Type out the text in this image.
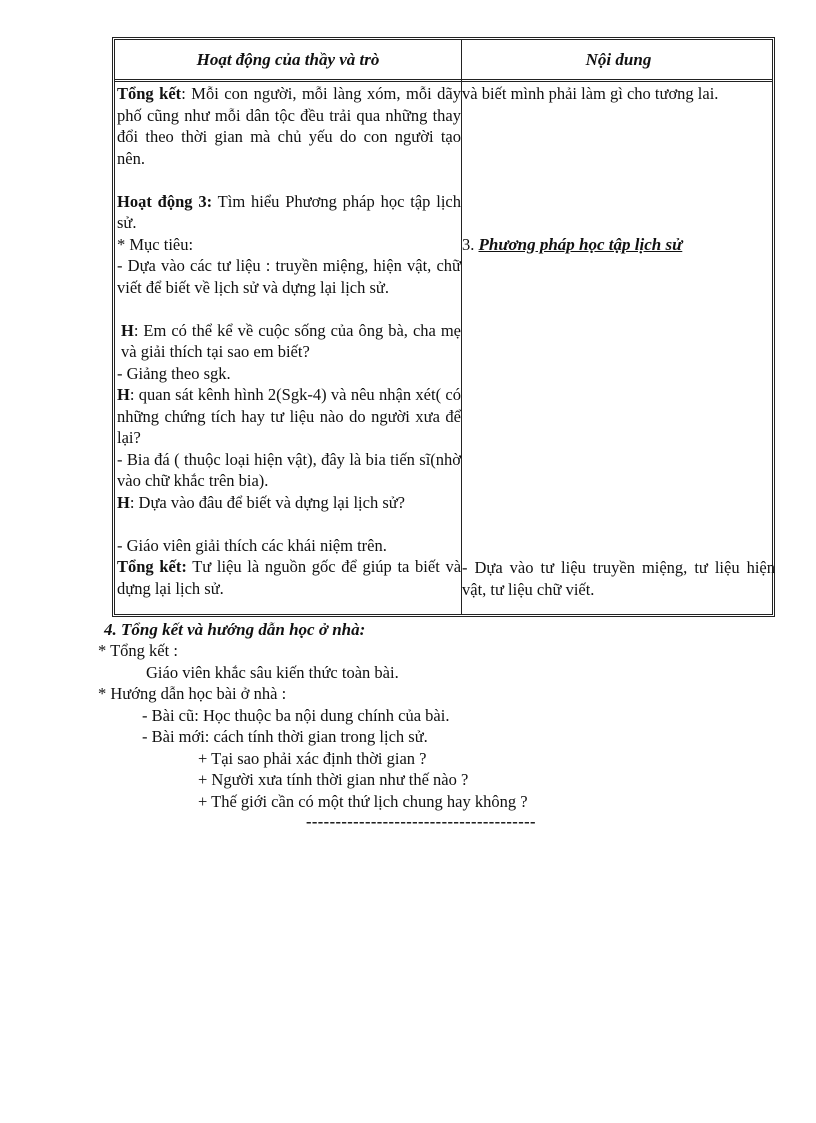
Hoạt động của thầy và trò	Nội dung

Tổng kết: Mỗi con người, mỗi làng xóm, mỗi dãy phố cũng như mỗi dân tộc đều trải qua những thay đổi theo thời gian mà chủ yếu do con người tạo nên.

Hoạt động 3: Tìm hiểu Phương pháp học tập lịch sử.

* Mục tiêu:

- Dựa vào các tư liệu : truyền miệng, hiện vật, chữ viết để biết về lịch sử và dựng lại lịch sử.

H: Em có thể kể về cuộc sống của ông bà, cha mẹ và giải thích tại sao em biết?

- Giảng theo sgk.

H: quan sát kênh hình 2(Sgk-4) và nêu nhận xét( có những chứng tích hay tư liệu nào do người xưa để lại?

- Bia đá ( thuộc loại hiện vật), đây là bia tiến sĩ(nhờ vào chữ khắc trên bia).

H: Dựa vào đâu để biết và dựng lại lịch sử?

- Giáo viên giải thích các khái niệm trên.

Tổng kết: Tư liệu là nguồn gốc để giúp ta biết và dựng lại lịch sử.

và biết mình phải làm gì cho tương lai.

3. Phương pháp học tập lịch sử

- Dựa vào tư liệu truyền miệng, tư liệu hiện vật, tư liệu chữ viết.

4. Tổng kết và hướng dẫn học ở nhà:
* Tổng kết :
Giáo viên khắc sâu kiến thức toàn bài.
* Hướng dẫn học bài ở nhà :
- Bài cũ: Học thuộc ba nội dung chính của bài.
- Bài mới: cách tính thời gian trong lịch sử.
+ Tại sao phải xác định thời gian ?
+ Người xưa tính thời gian như thế nào ?
+ Thế giới cần có một thứ lịch chung hay không ?
---------------------------------------
